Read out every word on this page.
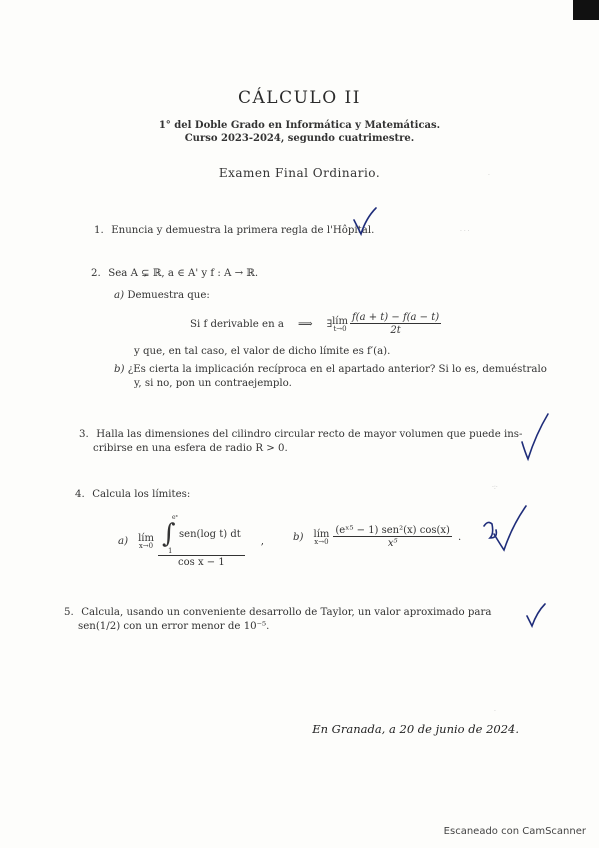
CÁLCULO II
1° del Doble Grado en Informática y Matemáticas.
Curso 2023-2024, segundo cuatrimestre.
Examen Final Ordinario.
1. Enuncia y demuestra la primera regla de l'Hôpital.
2. Sea A ⊊ ℝ, a ∈ A' y f : A → ℝ.
a) Demuestra que:
Si f derivable en a ⟹ ∃ lím
$t\to 0 \frac{f(a + t) - f(a - t)}{2t}$
y que, en tal caso, el valor de dicho límite es f′(a).
b) ¿Es cierta la implicación recíproca en el apartado anterior? Si lo es, demuéstralo
y, si no, pon un contraejemplo.
3. Halla las dimensiones del cilindro circular recto de mayor volumen que puede ins-
cribirse en una esfera de radio R > 0.
4. Calcula los límites:
a) lím
x→0 eˣ
∫
1
sen(log t) dt
cos x − 1 ,	b) lím
$x\to 0 \frac{\text{(eˣ⁵ − 1) sen²(x) cos(x)}}{\text{x⁵}}$ .
5. Calcula, usando un conveniente desarrollo de Taylor, un valor aproximado para
sen(1/2) con un error menor de 10⁻⁵.
En Granada, a 20 de junio de 2024.
·
· · ·
·:·
·
Escaneado con CamScanner
